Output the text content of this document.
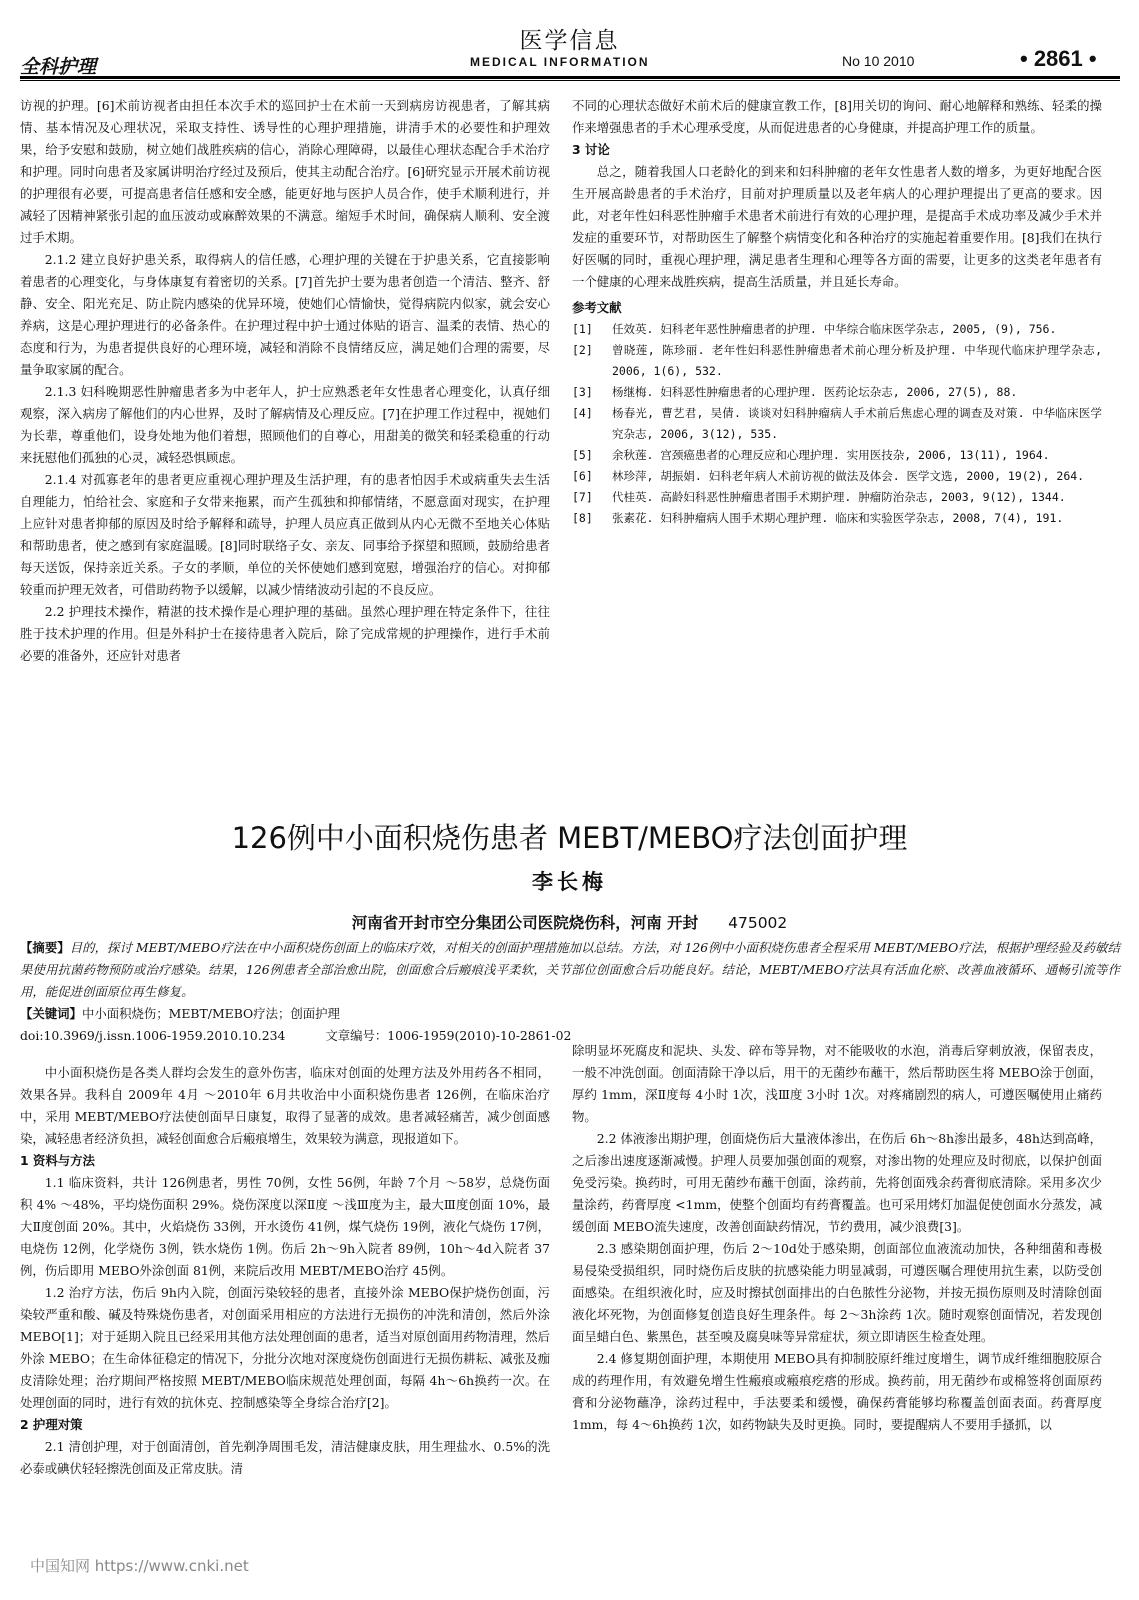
医学信息
全科护理	MEDICAL INFORMATION	No 10 2010	• 2861 •

访视的护理。[6]术前访视者由担任本次手术的巡回护士在术前一天到病房访视患者，了解其病情、基本情况及心理状况，采取支持性、诱导性的心理护理措施，讲清手术的必要性和护理效果，给予安慰和鼓励，树立她们战胜疾病的信心，消除心理障碍，以最佳心理状态配合手术治疗和护理。同时向患者及家属讲明治疗经过及预后，使其主动配合治疗。[6]研究显示开展术前访视的护理很有必要，可提高患者信任感和安全感，能更好地与医护人员合作，使手术顺利进行，并减轻了因精神紧张引起的血压波动或麻醉效果的不满意。缩短手术时间，确保病人顺利、安全渡过手术期。

2.1.2 建立良好护患关系，取得病人的信任感，心理护理的关键在于护患关系，它直接影响着患者的心理变化，与身体康复有着密切的关系。[7]首先护士要为患者创造一个清洁、整齐、舒静、安全、阳光充足、防止院内感染的优异环境，使她们心情愉快，觉得病院内似家，就会安心养病，这是心理护理进行的必备条件。在护理过程中护士通过体贴的语言、温柔的表情、热心的态度和行为，为患者提供良好的心理环境，减轻和消除不良情绪反应，满足她们合理的需要，尽量争取家属的配合。

2.1.3 妇科晚期恶性肿瘤患者多为中老年人，护士应熟悉老年女性患者心理变化，认真仔细观察，深入病房了解他们的内心世界，及时了解病情及心理反应。[7]在护理工作过程中，视她们为长辈，尊重他们，设身处地为他们着想，照顾他们的自尊心，用甜美的微笑和轻柔稳重的行动来抚慰他们孤独的心灵，减轻恐惧顾虑。

2.1.4 对孤寡老年的患者更应重视心理护理及生活护理，有的患者怕因手术或病重失去生活自理能力，怕给社会、家庭和子女带来拖累，而产生孤独和抑郁情绪，不愿意面对现实，在护理上应针对患者抑郁的原因及时给予解释和疏导，护理人员应真正做到从内心无微不至地关心体贴和帮助患者，使之感到有家庭温暖。[8]同时联络子女、亲友、同事给予探望和照顾，鼓励给患者每天送饭，保持亲近关系。子女的孝顺，单位的关怀使她们感到宽慰，增强治疗的信心。对抑郁较重而护理无效者，可借助药物予以缓解，以减少情绪波动引起的不良反应。

2.2 护理技术操作，精湛的技术操作是心理护理的基础。虽然心理护理在特定条件下，往往胜于技术护理的作用。但是外科护士在接待患者入院后，除了完成常规的护理操作，进行手术前必要的准备外，还应针对患者

不同的心理状态做好术前术后的健康宣教工作，[8]用关切的询问、耐心地解释和熟练、轻柔的操作来增强患者的手术心理承受度，从而促进患者的心身健康，并提高护理工作的质量。

3 讨论

总之，随着我国人口老龄化的到来和妇科肿瘤的老年女性患者人数的增多，为更好地配合医生开展高龄患者的手术治疗，目前对护理质量以及老年病人的心理护理提出了更高的要求。因此，对老年性妇科恶性肿瘤手术患者术前进行有效的心理护理，是提高手术成功率及减少手术并发症的重要环节，对帮助医生了解整个病情变化和各种治疗的实施起着重要作用。[8]我们在执行好医嘱的同时，重视心理护理，满足患者生理和心理等各方面的需要，让更多的这类老年患者有一个健康的心理来战胜疾病，提高生活质量，并且延长寿命。

参考文献
[1]	任效英. 妇科老年恶性肿瘤患者的护理. 中华综合临床医学杂志, 2005, (9), 756.
[2]	曾晓莲, 陈珍丽. 老年性妇科恶性肿瘤患者术前心理分析及护理. 中华现代临床护理学杂志, 2006, 1(6), 532.
[3]	杨继梅. 妇科恶性肿瘤患者的心理护理. 医药论坛杂志, 2006, 27(5), 88.
[4]	杨春光, 曹艺君, 吴倩. 谈谈对妇科肿瘤病人手术前后焦虑心理的调查及对策. 中华临床医学究杂志, 2006, 3(12), 535.
[5]	余秋莲. 宫颈癌患者的心理反应和心理护理. 实用医技杂, 2006, 13(11), 1964.
[6]	林珍萍, 胡振娟. 妇科老年病人术前访视的做法及体会. 医学文选, 2000, 19(2), 264.
[7]	代桂英. 高龄妇科恶性肿瘤患者围手术期护理. 肿瘤防治杂志, 2003, 9(12), 1344.
[8]	张素花. 妇科肿瘤病人围手术期心理护理. 临床和实验医学杂志, 2008, 7(4), 191.
126例中小面积烧伤患者 MEBT/MEBO疗法创面护理
李长梅
河南省开封市空分集团公司医院烧伤科，河南 开封 475002

【摘要】目的，探讨 MEBT/MEBO疗法在中小面积烧伤创面上的临床疗效，对相关的创面护理措施加以总结。方法，对 126例中小面积烧伤患者全程采用 MEBT/MEBO疗法，根据护理经验及药敏结果使用抗菌药物预防或治疗感染。结果，126例患者全部治愈出院，创面愈合后瘢痕浅平柔软，关节部位创面愈合后功能良好。结论，MEBT/MEBO疗法具有活血化瘀、改善血液循环、通畅引流等作用，能促进创面原位再生修复。

【关键词】中小面积烧伤；MEBT/MEBO疗法；创面护理

doi:10.3969/j.issn.1006-1959.2010.10.234	文章编号：1006-1959(2010)-10-2861-02

中小面积烧伤是各类人群均会发生的意外伤害，临床对创面的处理方法及外用药各不相同，效果各异。我科自 2009年 4月 ～2010年 6月共收治中小面积烧伤患者 126例，在临床治疗中，采用 MEBT/MEBO疗法使创面早日康复，取得了显著的成效。患者减轻痛苦，减少创面感染，减轻患者经济负担，减轻创面愈合后瘢痕增生，效果较为满意，现报道如下。

1 资料与方法

1.1 临床资料，共计 126例患者，男性 70例，女性 56例，年龄 7个月 ～58岁，总烧伤面积 4% ～48%，平均烧伤面积 29%。烧伤深度以深Ⅱ度 ～浅Ⅲ度为主，最大Ⅲ度创面 10%，最大Ⅱ度创面 20%。其中，火焰烧伤 33例，开水烫伤 41例，煤气烧伤 19例，液化气烧伤 17例，电烧伤 12例，化学烧伤 3例，铁水烧伤 1例。伤后 2h～9h入院者 89例，10h～4d入院者 37例，伤后即用 MEBO外涂创面 81例，来院后改用 MEBT/MEBO治疗 45例。

1.2 治疗方法，伤后 9h内入院，创面污染较轻的患者，直接外涂 MEBO保护烧伤创面，污染较严重和酸、碱及特殊烧伤患者，对创面采用相应的方法进行无损伤的冲洗和清创，然后外涂 MEBO[1]；对于延期入院且已经采用其他方法处理创面的患者，适当对原创面用药物清理，然后外涂 MEBO；在生命体征稳定的情况下，分批分次地对深度烧伤创面进行无损伤耕耘、减张及痂皮清除处理；治疗期间严格按照 MEBT/MEBO临床规范处理创面，每隔 4h～6h换药一次。在处理创面的同时，进行有效的抗休克、控制感染等全身综合治疗[2]。

2 护理对策

2.1 清创护理，对于创面清创，首先剃净周围毛发，清洁健康皮肤，用生理盐水、0.5%的洗必泰或碘伏轻轻擦洗创面及正常皮肤。清

除明显坏死腐皮和泥块、头发、碎布等异物，对不能吸收的水泡，消毒后穿刺放液，保留表皮，一般不冲洗创面。创面清除干净以后，用干的无菌纱布蘸干，然后帮助医生将 MEBO涂于创面，厚约 1mm，深Ⅱ度每 4小时 1次，浅Ⅲ度 3小时 1次。对疼痛剧烈的病人，可遵医嘱使用止痛药物。

2.2 体液渗出期护理，创面烧伤后大量液体渗出，在伤后 6h～8h渗出最多，48h达到高峰，之后渗出速度逐渐减慢。护理人员要加强创面的观察，对渗出物的处理应及时彻底，以保护创面免受污染。换药时，可用无菌纱布蘸干创面，涂药前，先将创面残余药膏彻底清除。采用多次少量涂药，药膏厚度 <1mm，使整个创面均有药膏覆盖。也可采用烤灯加温促使创面水分蒸发，减缓创面 MEBO流失速度，改善创面缺药情况，节约费用，减少浪费[3]。

2.3 感染期创面护理，伤后 2～10d处于感染期，创面部位血液流动加快，各种细菌和毒极易侵染受损组织，同时烧伤后皮肤的抗感染能力明显减弱，可遵医嘱合理使用抗生素，以防受创面感染。在组织液化时，应及时擦拭创面排出的白色脓性分泌物，并按无损伤原则及时清除创面液化坏死物，为创面修复创造良好生理条件。每 2～3h涂药 1次。随时观察创面情况，若发现创面呈蜡白色、紫黑色，甚至嗅及腐臭味等异常症状，须立即请医生检查处理。

2.4 修复期创面护理，本期使用 MEBO具有抑制胶原纤维过度增生，调节成纤维细胞胶原合成的药理作用，有效避免增生性瘢痕或瘢痕疙瘩的形成。换药前，用无菌纱布或棉签将创面原药膏和分泌物蘸净，涂药过程中，手法要柔和缓慢，确保药膏能够均称覆盖创面表面。药膏厚度 1mm，每 4～6h换药 1次，如药物缺失及时更换。同时，要提醒病人不要用手搔抓，以

中国知网 https://www.cnki.net
